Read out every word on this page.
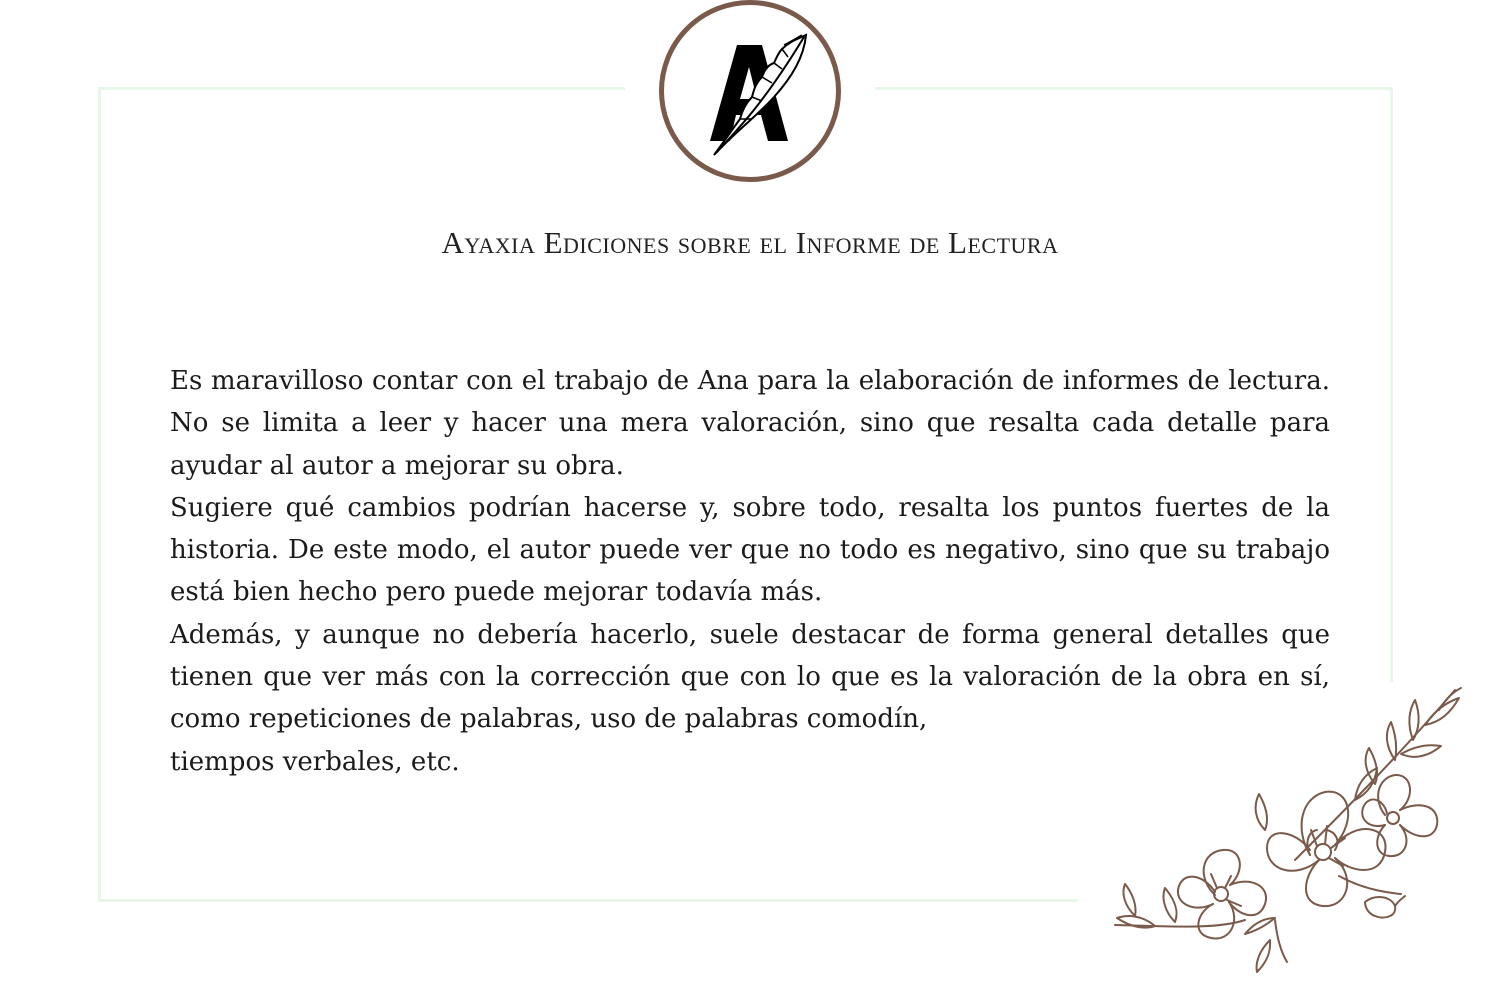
Ayaxia Ediciones sobre el Informe de Lectura

Es maravilloso contar con el trabajo de Ana para la elaboración de informes de lectura. No se limita a leer y hacer una mera valoración, sino que resalta cada detalle para ayudar al autor a mejorar su obra.

Sugiere qué cambios podrían hacerse y, sobre todo, resalta los puntos fuertes de la historia. De este modo, el autor puede ver que no todo es negativo, sino que su trabajo está bien hecho pero puede mejorar todavía más.

Además, y aunque no debería hacerlo, suele destacar de forma general detalles que tienen que ver más con la corrección que con lo que es la valoración de la obra en sí, como repeticiones de palabras, uso de palabras comodín,

tiempos verbales, etc.
